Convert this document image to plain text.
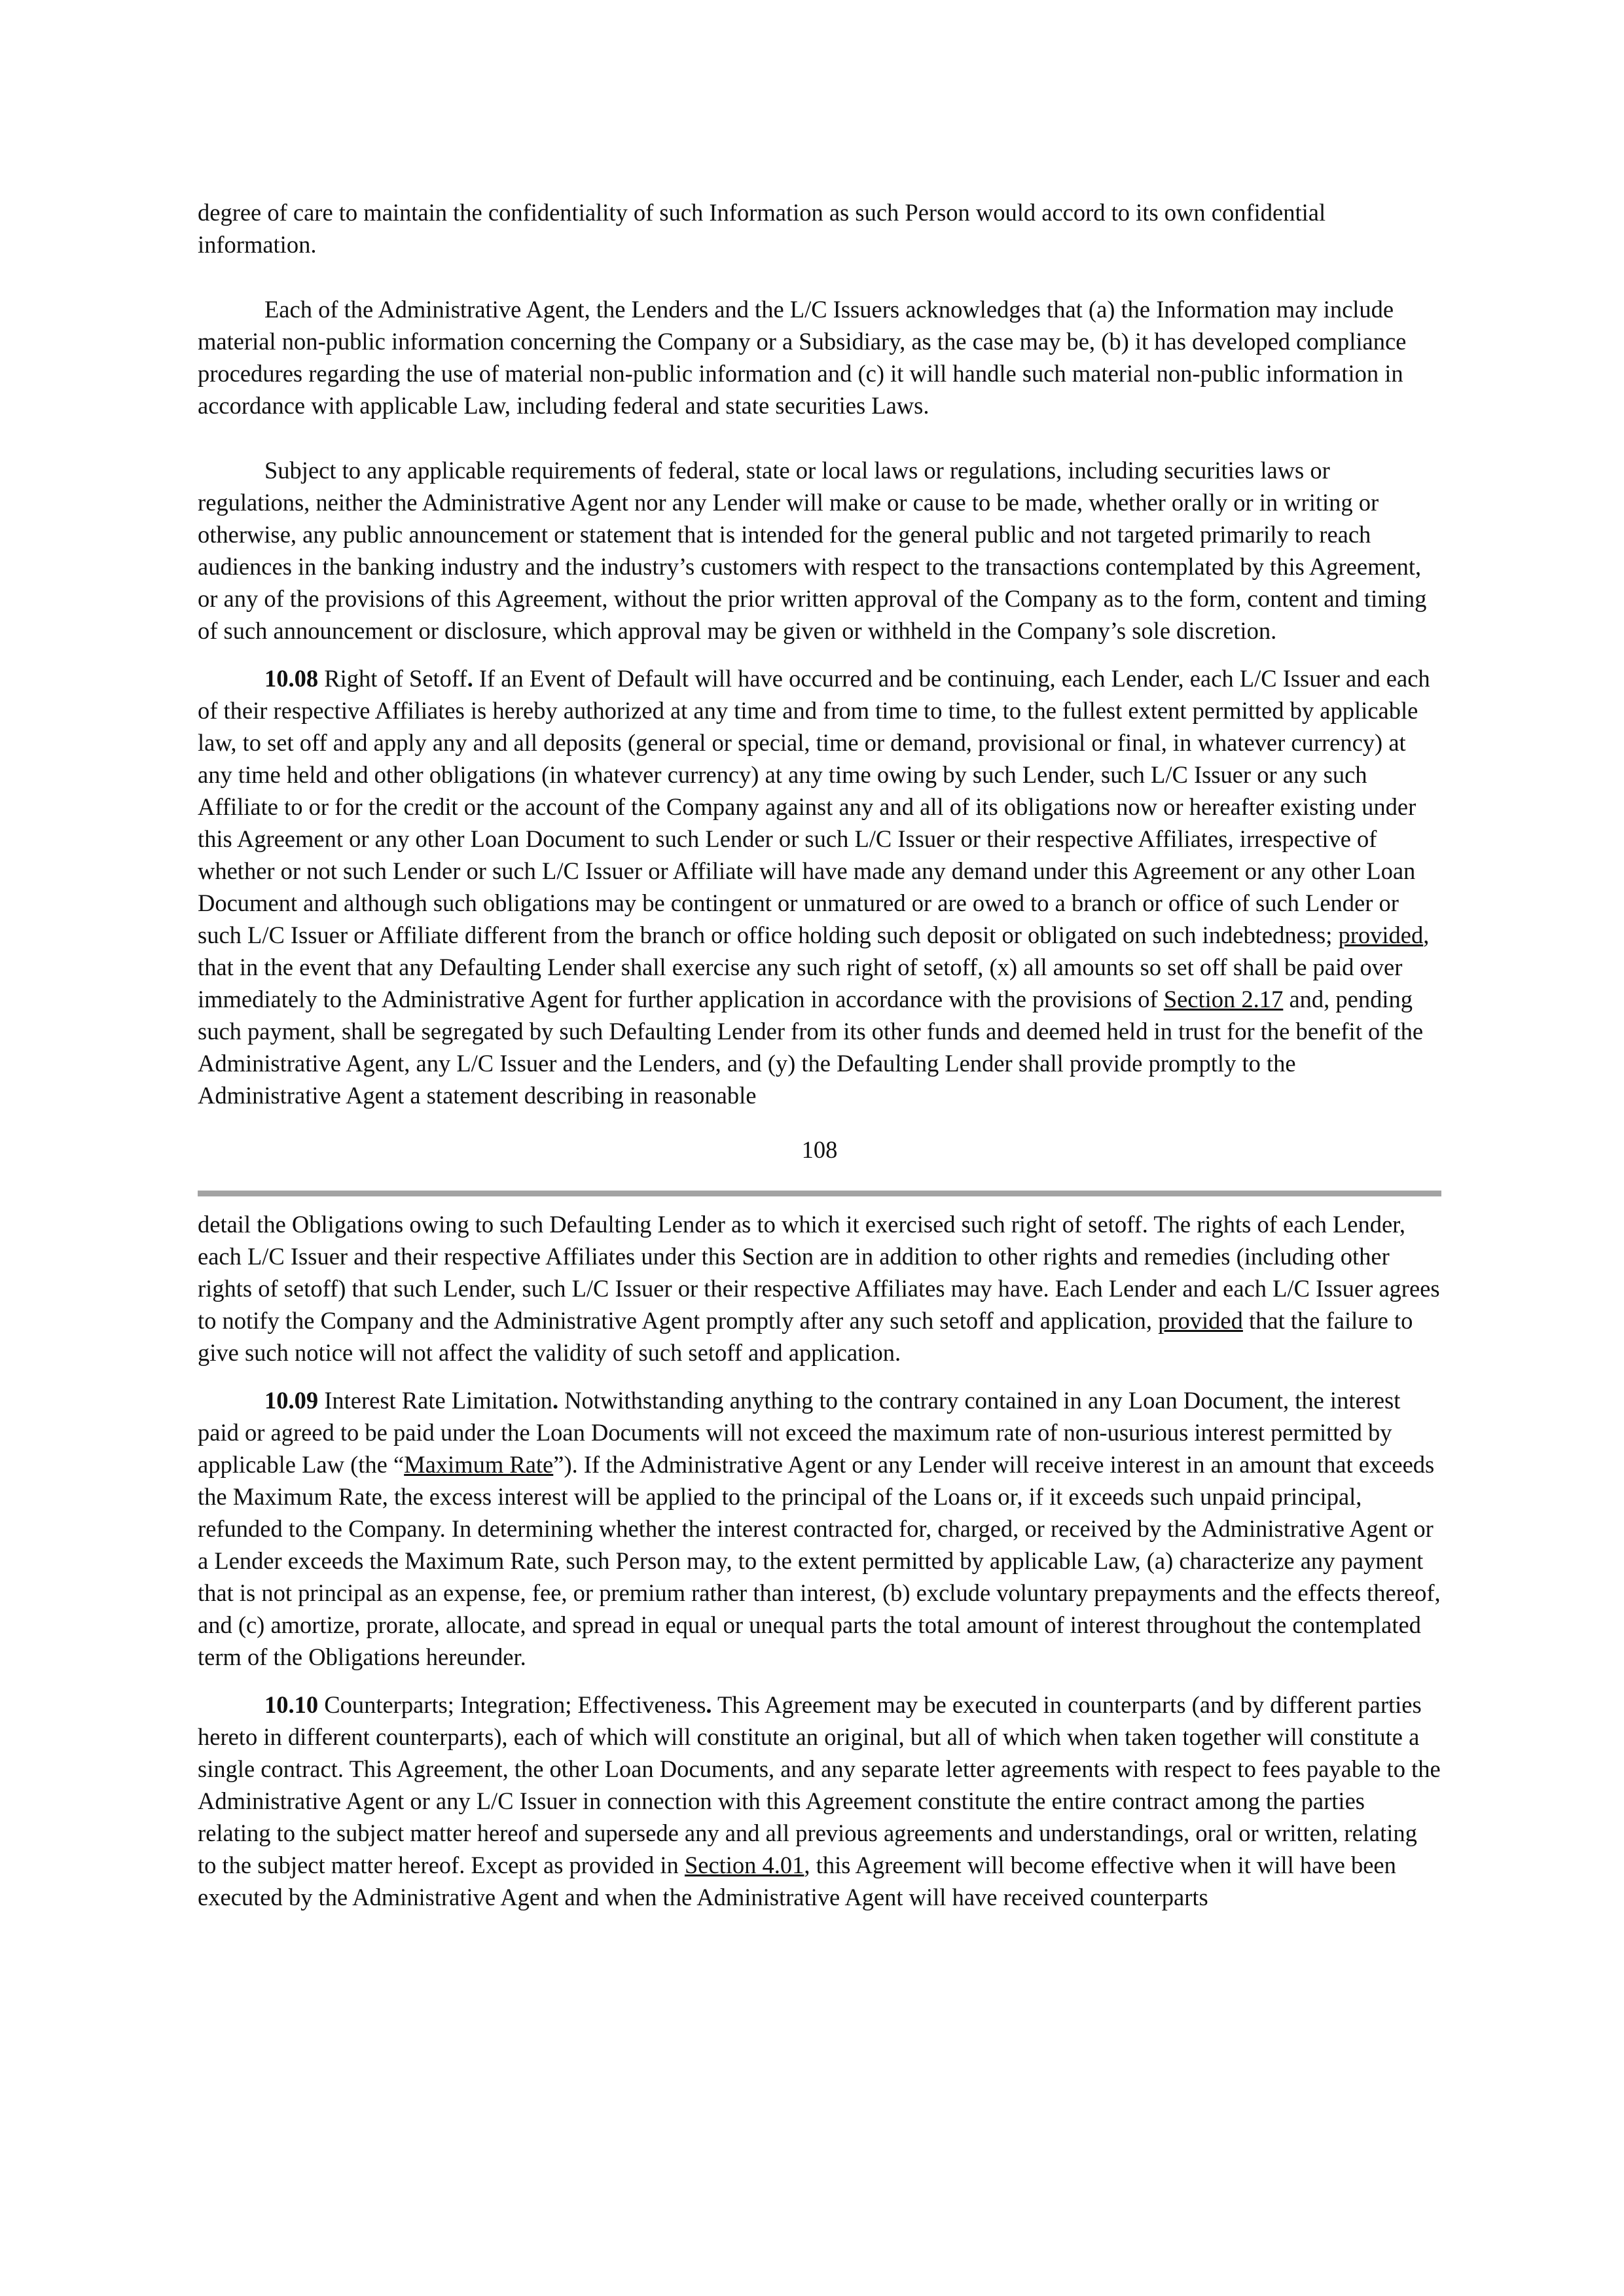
degree of care to maintain the confidentiality of such Information as such Person would accord to its own confidential information.

Each of the Administrative Agent, the Lenders and the L/C Issuers acknowledges that (a) the Information may include material non-public information concerning the Company or a Subsidiary, as the case may be, (b) it has developed compliance procedures regarding the use of material non-public information and (c) it will handle such material non-public information in accordance with applicable Law, including federal and state securities Laws.

Subject to any applicable requirements of federal, state or local laws or regulations, including securities laws or regulations, neither the Administrative Agent nor any Lender will make or cause to be made, whether orally or in writing or otherwise, any public announcement or statement that is intended for the general public and not targeted primarily to reach audiences in the banking industry and the industry’s customers with respect to the transactions contemplated by this Agreement, or any of the provisions of this Agreement, without the prior written approval of the Company as to the form, content and timing of such announcement or disclosure, which approval may be given or withheld in the Company’s sole discretion.

10.08 Right of Setoff. If an Event of Default will have occurred and be continuing, each Lender, each L/C Issuer and each of their respective Affiliates is hereby authorized at any time and from time to time, to the fullest extent permitted by applicable law, to set off and apply any and all deposits (general or special, time or demand, provisional or final, in whatever currency) at any time held and other obligations (in whatever currency) at any time owing by such Lender, such L/C Issuer or any such Affiliate to or for the credit or the account of the Company against any and all of its obligations now or hereafter existing under this Agreement or any other Loan Document to such Lender or such L/C Issuer or their respective Affiliates, irrespective of whether or not such Lender or such L/C Issuer or Affiliate will have made any demand under this Agreement or any other Loan Document and although such obligations may be contingent or unmatured or are owed to a branch or office of such Lender or such L/C Issuer or Affiliate different from the branch or office holding such deposit or obligated on such indebtedness; provided, that in the event that any Defaulting Lender shall exercise any such right of setoff, (x) all amounts so set off shall be paid over immediately to the Administrative Agent for further application in accordance with the provisions of Section 2.17 and, pending such payment, shall be segregated by such Defaulting Lender from its other funds and deemed held in trust for the benefit of the Administrative Agent, any L/C Issuer and the Lenders, and (y) the Defaulting Lender shall provide promptly to the Administrative Agent a statement describing in reasonable

108

detail the Obligations owing to such Defaulting Lender as to which it exercised such right of setoff. The rights of each Lender, each L/C Issuer and their respective Affiliates under this Section are in addition to other rights and remedies (including other rights of setoff) that such Lender, such L/C Issuer or their respective Affiliates may have. Each Lender and each L/C Issuer agrees to notify the Company and the Administrative Agent promptly after any such setoff and application, provided that the failure to give such notice will not affect the validity of such setoff and application.

10.09 Interest Rate Limitation. Notwithstanding anything to the contrary contained in any Loan Document, the interest paid or agreed to be paid under the Loan Documents will not exceed the maximum rate of non-usurious interest permitted by applicable Law (the “Maximum Rate”). If the Administrative Agent or any Lender will receive interest in an amount that exceeds the Maximum Rate, the excess interest will be applied to the principal of the Loans or, if it exceeds such unpaid principal, refunded to the Company. In determining whether the interest contracted for, charged, or received by the Administrative Agent or a Lender exceeds the Maximum Rate, such Person may, to the extent permitted by applicable Law, (a) characterize any payment that is not principal as an expense, fee, or premium rather than interest, (b) exclude voluntary prepayments and the effects thereof, and (c) amortize, prorate, allocate, and spread in equal or unequal parts the total amount of interest throughout the contemplated term of the Obligations hereunder.

10.10 Counterparts; Integration; Effectiveness. This Agreement may be executed in counterparts (and by different parties hereto in different counterparts), each of which will constitute an original, but all of which when taken together will constitute a single contract. This Agreement, the other Loan Documents, and any separate letter agreements with respect to fees payable to the Administrative Agent or any L/C Issuer in connection with this Agreement constitute the entire contract among the parties relating to the subject matter hereof and supersede any and all previous agreements and understandings, oral or written, relating to the subject matter hereof. Except as provided in Section 4.01, this Agreement will become effective when it will have been executed by the Administrative Agent and when the Administrative Agent will have received counterparts
